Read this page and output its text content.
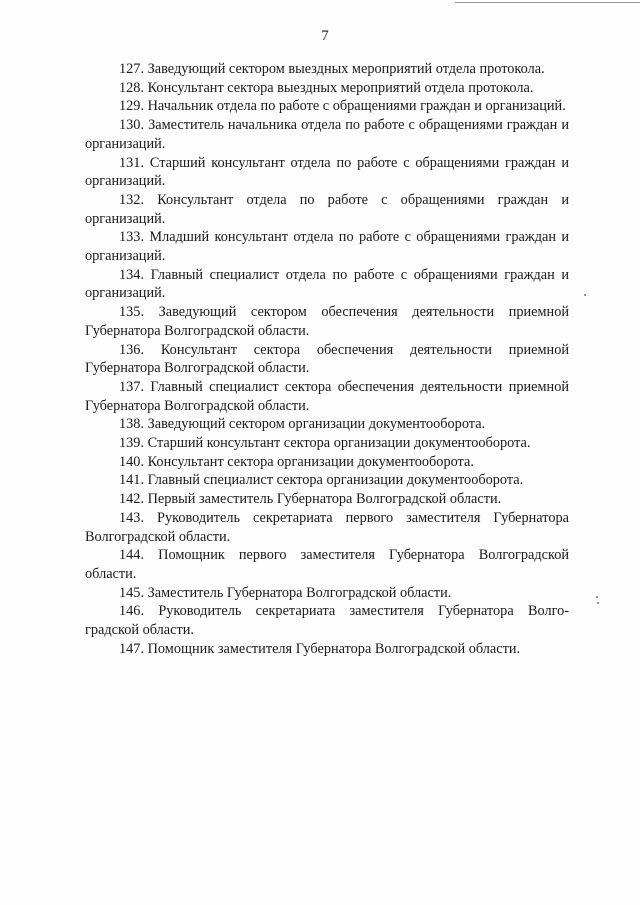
7

127. Заведующий сектором выездных мероприятий отдела протокола.

128. Консультант сектора выездных мероприятий отдела протокола.

129. Начальник отдела по работе с обращениями граждан и организаций.

130. Заместитель начальника отдела по работе с обращениями граждан и организаций.

131. Старший консультант отдела по работе с обращениями граждан и организаций.

132. Консультант отдела по работе с обращениями граждан и организаций.

133. Младший консультант отдела по работе с обращениями граждан и организаций.

134. Главный специалист отдела по работе с обращениями граждан и организаций.

135. Заведующий сектором обеспечения деятельности приемной Губернатора Волгоградской области.

136. Консультант сектора обеспечения деятельности приемной Губернатора Волгоградской области.

137. Главный специалист сектора обеспечения деятельности приемной Губернатора Волгоградской области.

138. Заведующий сектором организации документооборота.

139. Старший консультант сектора организации документооборота.

140. Консультант сектора организации документооборота.

141. Главный специалист сектора организации документооборота.

142. Первый заместитель Губернатора Волгоградской области.

143. Руководитель секретариата первого заместителя Губернатора Волгоградской области.

144. Помощник первого заместителя Губернатора Волгоградской области.

145. Заместитель Губернатора Волгоградской области.

146. Руководитель секретариата заместителя Губернатора Волго-градской области.

147. Помощник заместителя Губернатора Волгоградской области.
